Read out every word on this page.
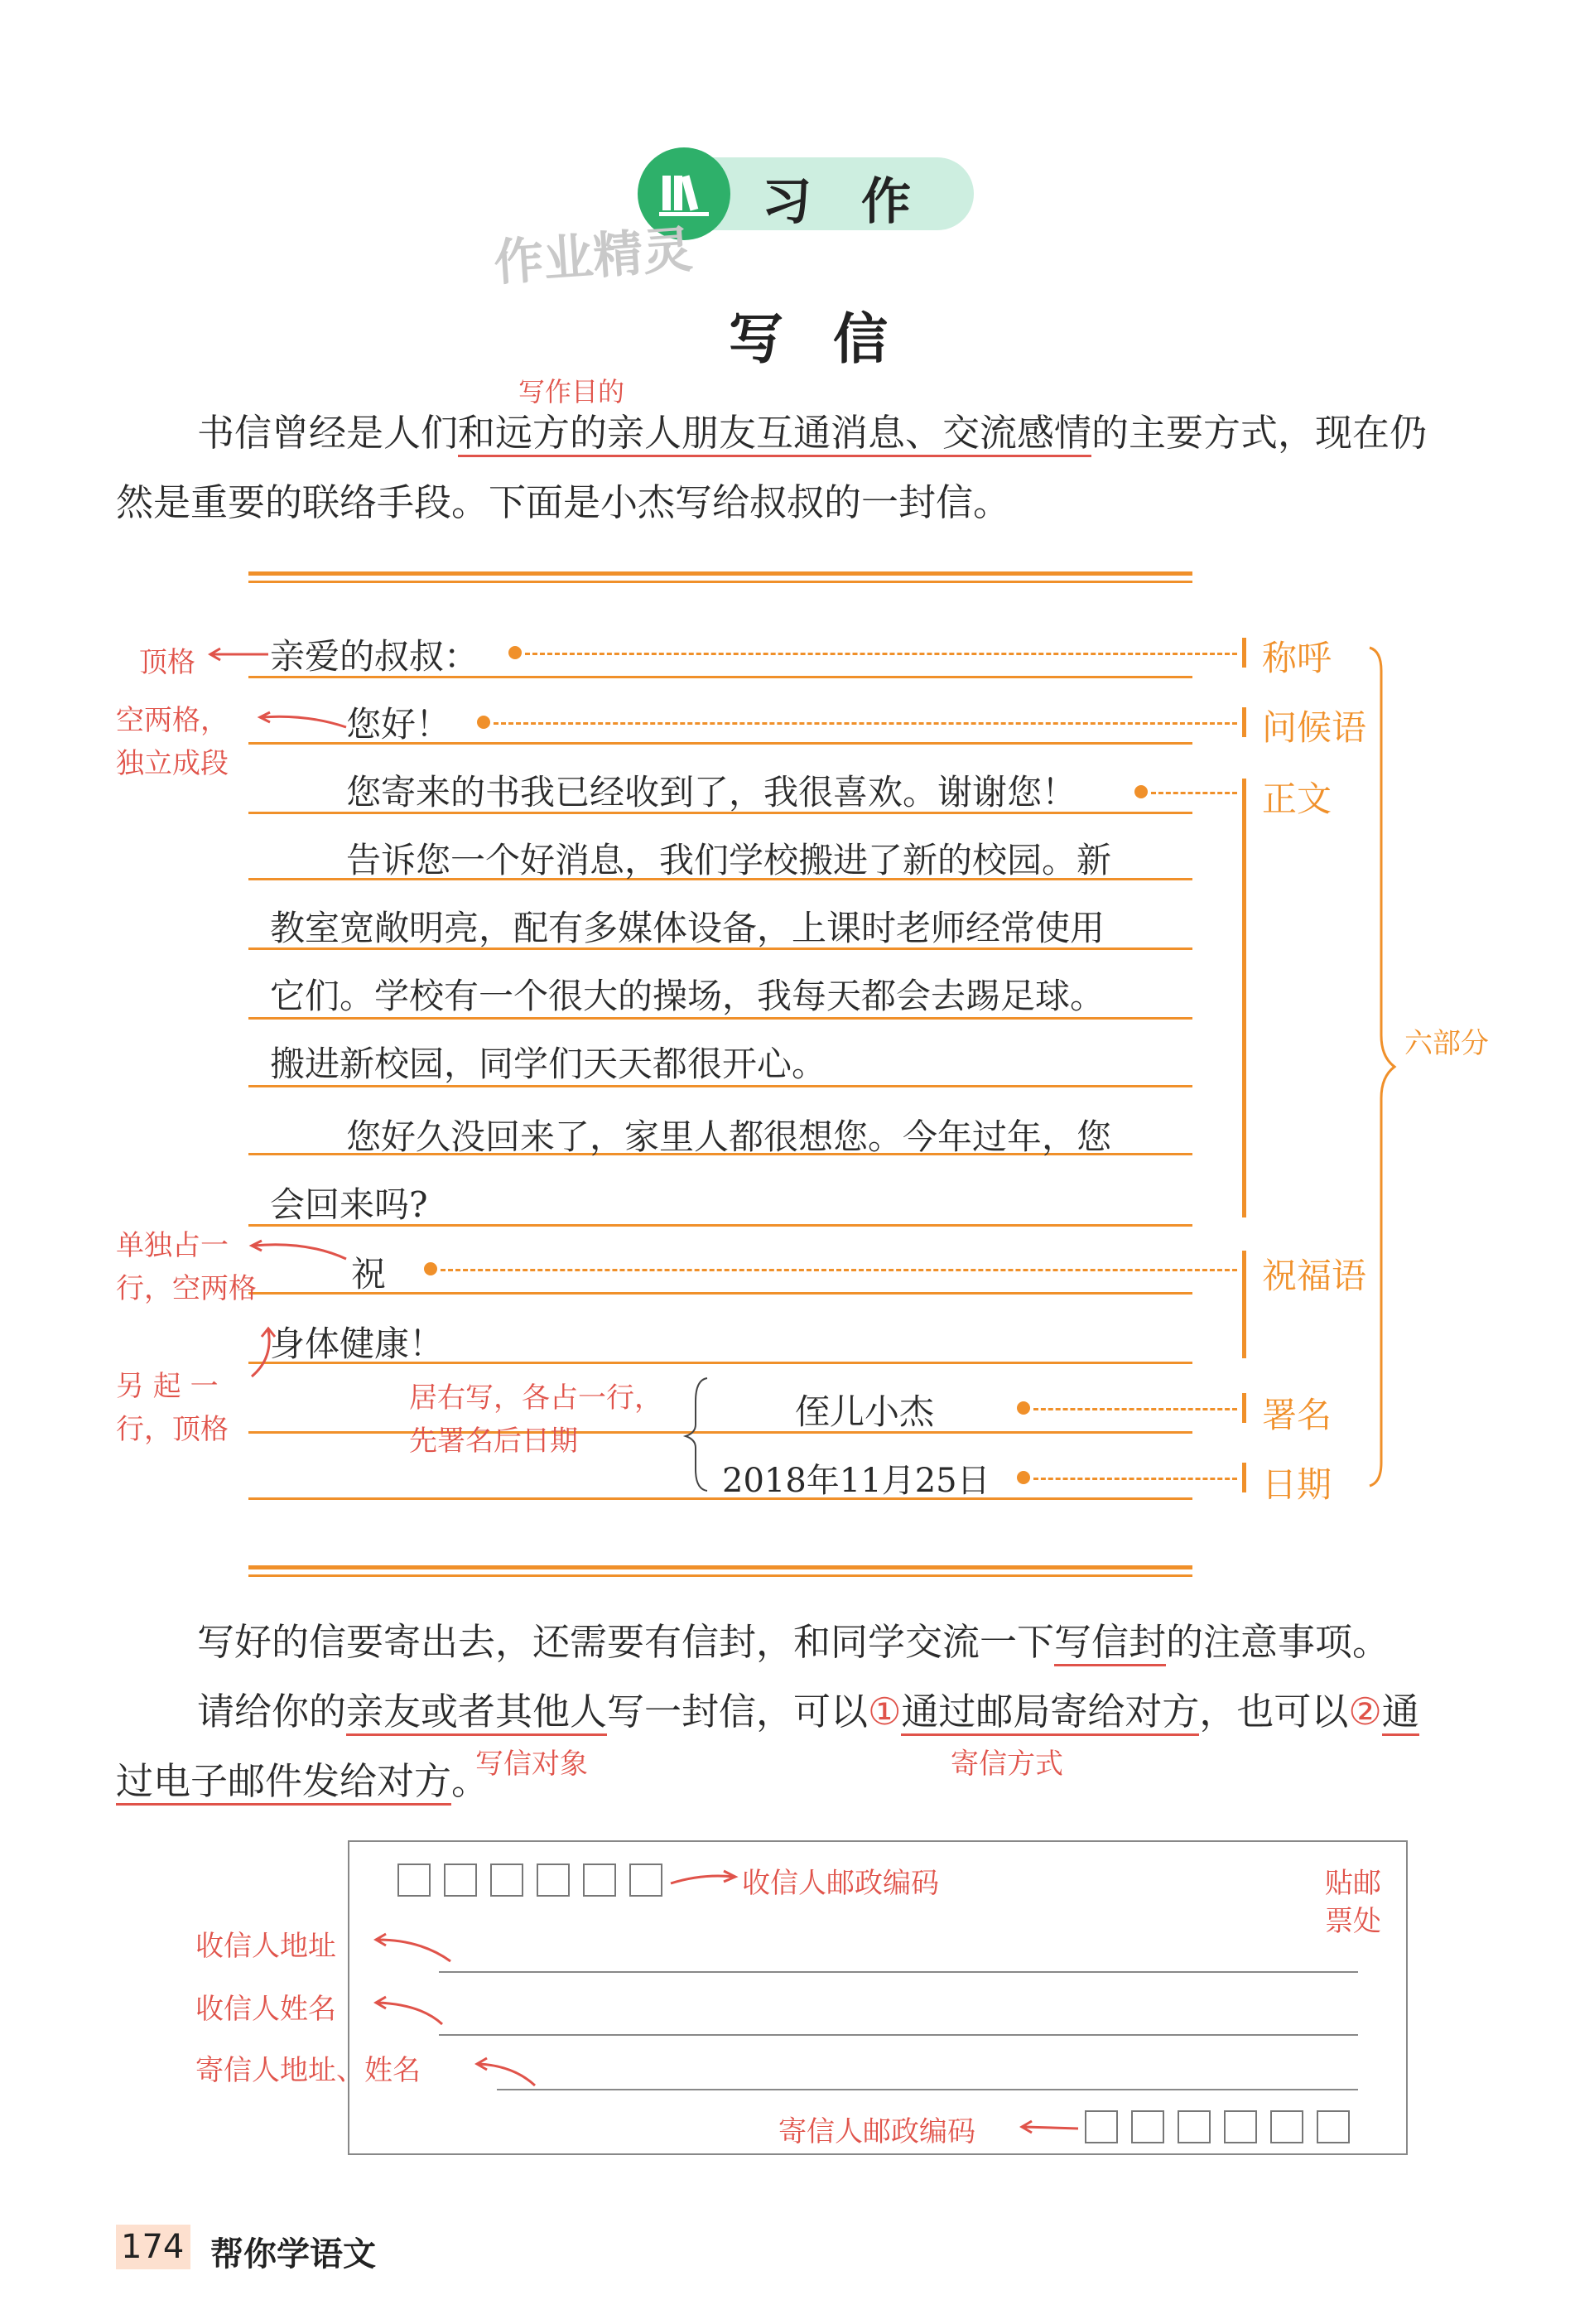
习作
作业精灵
写信
写作目的
书信曾经是人们和远方的亲人朋友互通消息、交流感情的主要方式，现在仍
然是重要的联络手段。下面是小杰写给叔叔的一封信。
亲爱的叔叔：
您好！
您寄来的书我已经收到了，我很喜欢。谢谢您！
告诉您一个好消息，我们学校搬进了新的校园。新
教室宽敞明亮，配有多媒体设备，上课时老师经常使用
它们。学校有一个很大的操场，我每天都会去踢足球。
搬进新校园，同学们天天都很开心。
您好久没回来了，家里人都很想您。今年过年，您
会回来吗?
祝
身体健康！
侄儿小杰
2018年11月25日
称呼
问候语
正文
祝福语
署名
日期
六部分
顶格
空两格，
独立成段
单独占一
行，空两格
另 起 一
行，顶格
居右写，各占一行，
先署名后日期
写好的信要寄出去，还需要有信封，和同学交流一下写信封的注意事项。
请给你的亲友或者其他人写一封信，可以①通过邮局寄给对方，也可以②通
过电子邮件发给对方。
写信对象	寄信方式
收信人邮政编码	贴邮
票处
收信人地址
收信人姓名
寄信人地址、姓名
寄信人邮政编码
174 帮你学语文
